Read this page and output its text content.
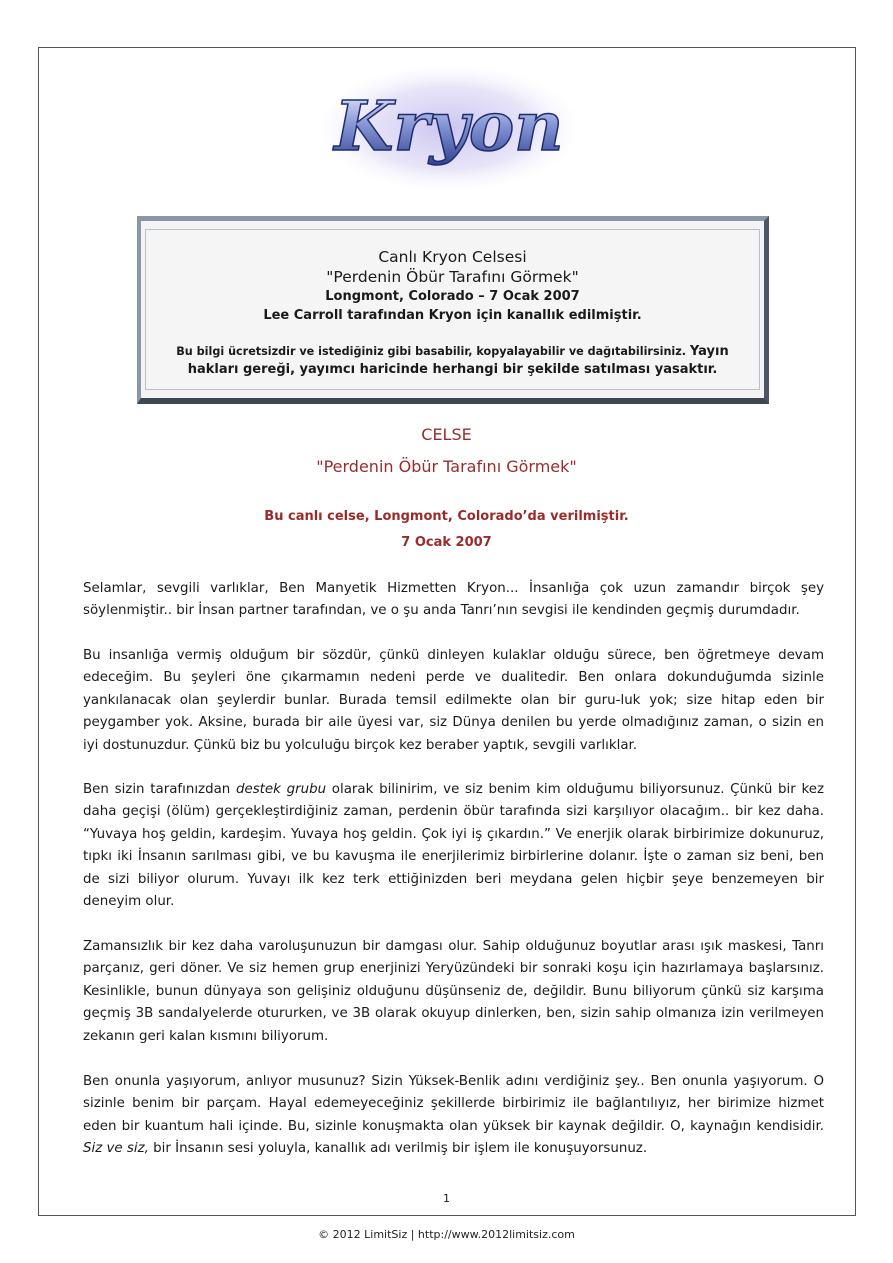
Kryon
Canlı Kryon Celsesi
"Perdenin Öbür Tarafını Görmek"
Longmont, Colorado – 7 Ocak 2007
Lee Carroll tarafından Kryon için kanallık edilmiştir.
Bu bilgi ücretsizdir ve istediğiniz gibi basabilir, kopyalayabilir ve dağıtabilirsiniz. Yayın hakları gereği, yayımcı haricinde herhangi bir şekilde satılması yasaktır.
CELSE
"Perdenin Öbür Tarafını Görmek"
Bu canlı celse, Longmont, Colorado’da verilmiştir.
7 Ocak 2007

Selamlar, sevgili varlıklar, Ben Manyetik Hizmetten Kryon... İnsanlığa çok uzun zamandır birçok şey söylenmiştir.. bir İnsan partner tarafından, ve o şu anda Tanrı’nın sevgisi ile kendinden geçmiş durumdadır.

Bu insanlığa vermiş olduğum bir sözdür, çünkü dinleyen kulaklar olduğu sürece, ben öğretmeye devam edeceğim. Bu şeyleri öne çıkarmamın nedeni perde ve dualitedir. Ben onlara dokunduğumda sizinle yankılanacak olan şeylerdir bunlar. Burada temsil edilmekte olan bir guru-luk yok; size hitap eden bir peygamber yok. Aksine, burada bir aile üyesi var, siz Dünya denilen bu yerde olmadığınız zaman, o sizin en iyi dostunuzdur. Çünkü biz bu yolculuğu birçok kez beraber yaptık, sevgili varlıklar.

Ben sizin tarafınızdan destek grubu olarak bilinirim, ve siz benim kim olduğumu biliyorsunuz. Çünkü bir kez daha geçişi (ölüm) gerçekleştirdiğiniz zaman, perdenin öbür tarafında sizi karşılıyor olacağım.. bir kez daha. “Yuvaya hoş geldin, kardeşim. Yuvaya hoş geldin. Çok iyi iş çıkardın.” Ve enerjik olarak birbirimize dokunuruz, tıpkı iki İnsanın sarılması gibi, ve bu kavuşma ile enerjilerimiz birbirlerine dolanır. İşte o zaman siz beni, ben de sizi biliyor olurum. Yuvayı ilk kez terk ettiğinizden beri meydana gelen hiçbir şeye benzemeyen bir deneyim olur.

Zamansızlık bir kez daha varoluşunuzun bir damgası olur. Sahip olduğunuz boyutlar arası ışık maskesi, Tanrı parçanız, geri döner. Ve siz hemen grup enerjinizi Yeryüzündeki bir sonraki koşu için hazırlamaya başlarsınız. Kesinlikle, bunun dünyaya son gelişiniz olduğunu düşünseniz de, değildir. Bunu biliyorum çünkü siz karşıma geçmiş 3B sandalyelerde otururken, ve 3B olarak okuyup dinlerken, ben, sizin sahip olmanıza izin verilmeyen zekanın geri kalan kısmını biliyorum.

Ben onunla yaşıyorum, anlıyor musunuz? Sizin Yüksek-Benlik adını verdiğiniz şey.. Ben onunla yaşıyorum. O sizinle benim bir parçam. Hayal edemeyeceğiniz şekillerde birbirimiz ile bağlantılıyız, her birimize hizmet eden bir kuantum hali içinde. Bu, sizinle konuşmakta olan yüksek bir kaynak değildir. O, kaynağın kendisidir. Siz ve siz, bir İnsanın sesi yoluyla, kanallık adı verilmiş bir işlem ile konuşuyorsunuz.

1
© 2012 LimitSiz | http://www.2012limitsiz.com
